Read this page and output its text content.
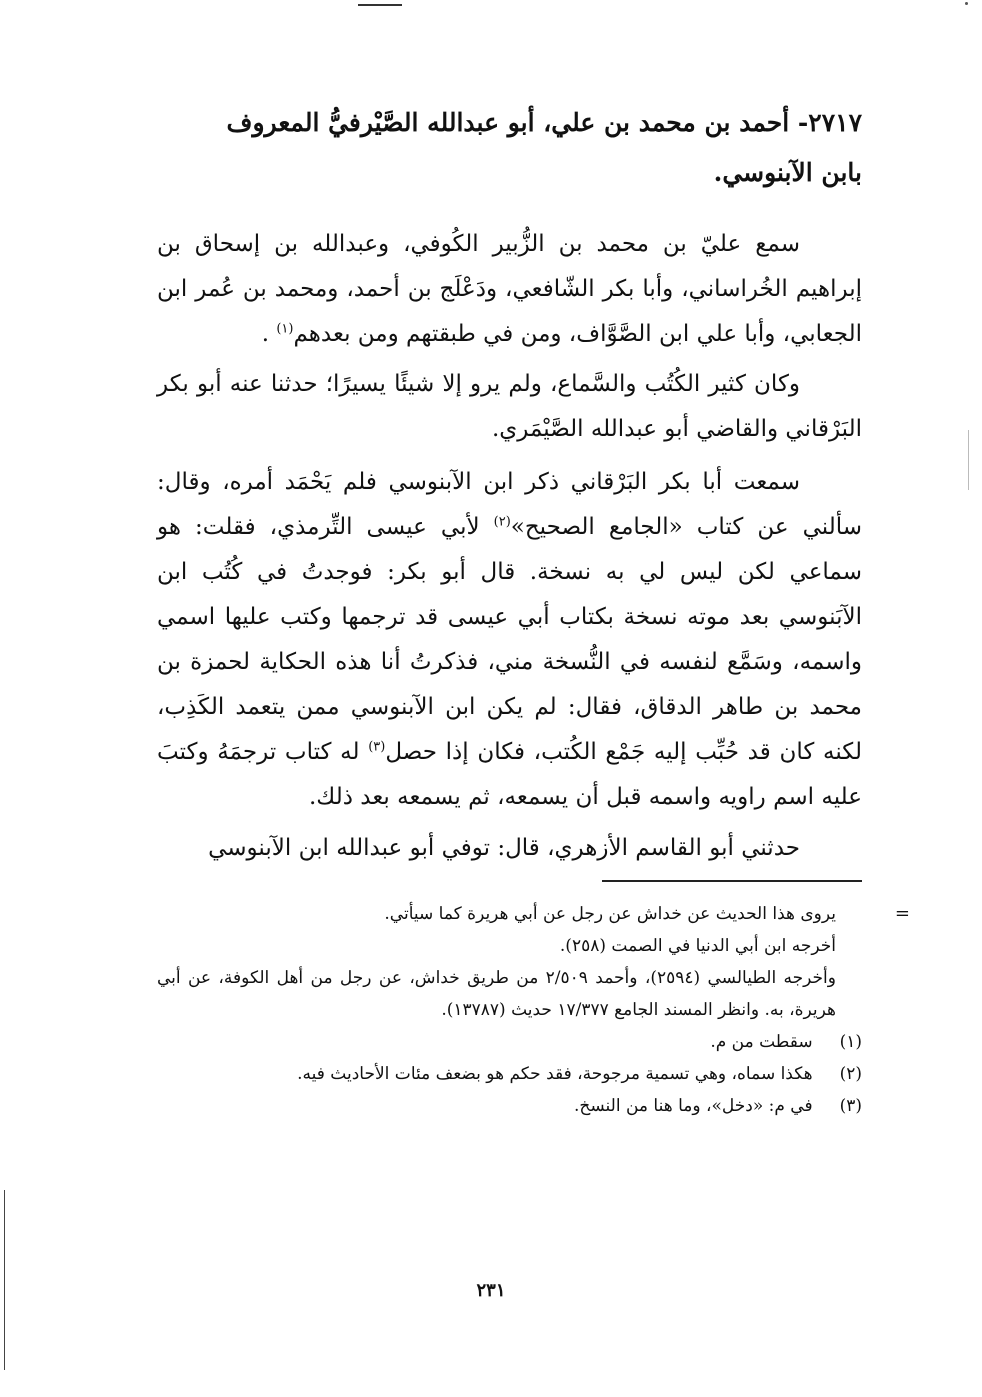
٢٧١٧- أحمد بن محمد بن علي، أبو عبدالله الصَّيْرفيُّ المعروف
بابن الآبنوسي.
سمع عليّ بن محمد بن الزُّبير الكُوفي، وعبدالله بن إسحاق بن إبراهيم الخُراساني، وأبا بكر الشّافعي، ودَعْلَج بن أحمد، ومحمد بن عُمر ابن الجعابي، وأبا علي ابن الصَّوَّاف، ومن في طبقتهم ومن بعدهم$^{(١)}$ .
وكان كثير الكُتُب والسَّماع، ولم يرو إلا شيئًا يسيرًا؛ حدثنا عنه أبو بكر البَرْقاني والقاضي أبو عبدالله الصَّيْمَري.
سمعت أبا بكر البَرْقاني ذكر ابن الآبنوسي فلم يَحْمَد أمره، وقال: سألني عن كتاب «الجامع الصحيح»$^{(٢)}$ لأبي عيسى التِّرمذي، فقلت: هو سماعي لكن ليس لي به نسخة. قال أبو بكر: فوجدتُ في كُتُب ابن الآبَنوسي بعد موته نسخة بكتاب أبي عيسى قد ترجمها وكتب عليها اسمي واسمه، وسَمَّع لنفسه في النُّسخة مني، فذكرتُ أنا هذه الحكاية لحمزة بن محمد بن طاهر الدقاق، فقال: لم يكن ابن الآبنوسي ممن يتعمد الكَذِب، لكنه كان قد حُبِّب إليه جَمْع الكُتب، فكان إذا حصل$^{(٣)}$ له كتاب ترجمَهُ وكتبَ عليه اسم راويه واسمه قبل أن يسمعه، ثم يسمعه بعد ذلك.
حدثني أبو القاسم الأزهري، قال: توفي أبو عبدالله ابن الآبنوسي
=
يروى هذا الحديث عن خداش عن رجل عن أبي هريرة كما سيأتي.
أخرجه ابن أبي الدنيا في الصمت (٢٥٨).
وأخرجه الطيالسي (٢٥٩٤)، وأحمد ٢/٥٠٩ من طريق خداش، عن رجل من أهل الكوفة، عن أبي هريرة، به. وانظر المسند الجامع ١٧/٣٧٧ حديث (١٣٧٨٧).
(١) سقطت من م.
(٢) هكذا سماه، وهي تسمية مرجوحة، فقد حكم هو بضعف مئات الأحاديث فيه.
(٣) في م: «دخل»، وما هنا من النسخ.
٢٣١
